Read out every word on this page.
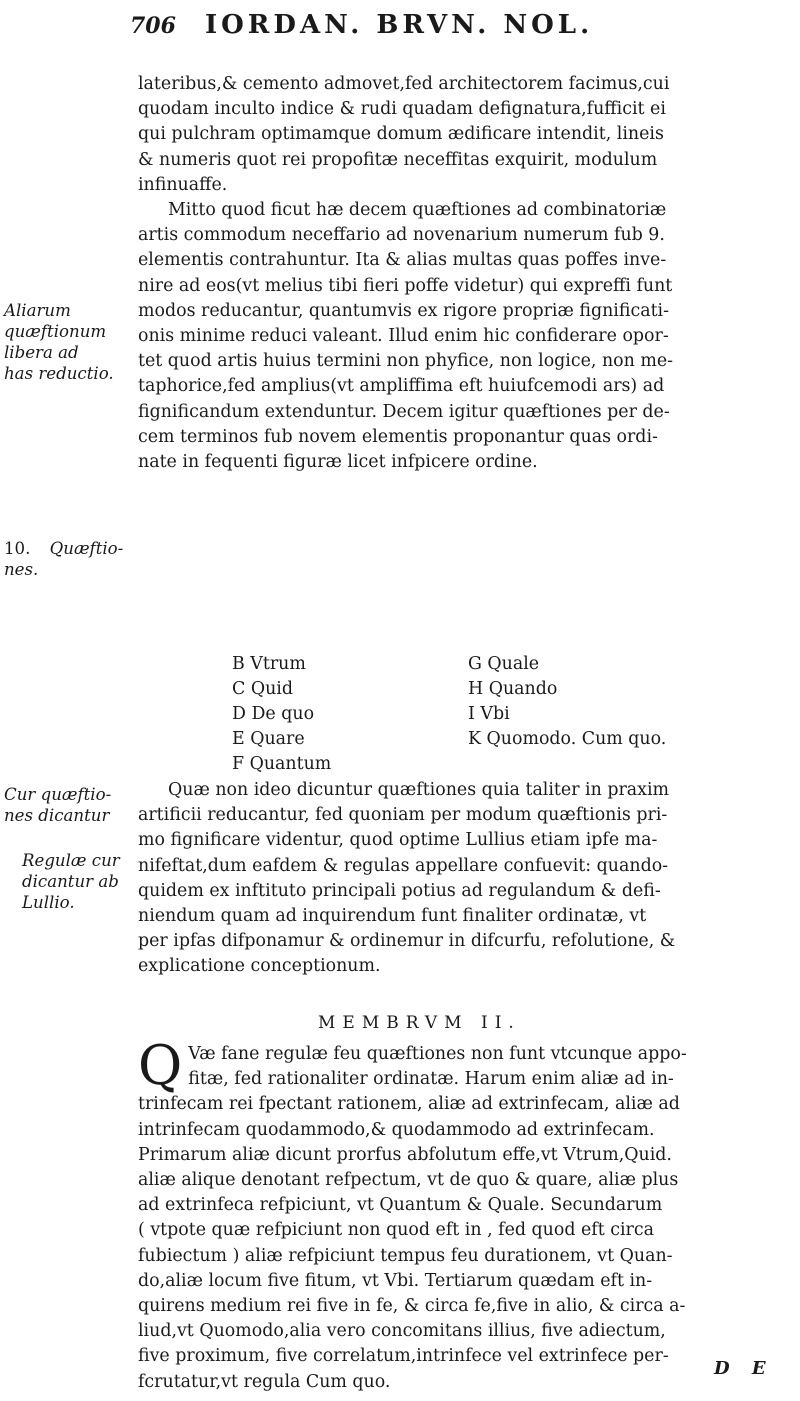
706 IORDAN. BRVN. NOL.
lateribus,& cemento admovet,fed architectorem facimus,cui
quodam inculto indice & rudi quadam defignatura,fufficit ei
qui pulchram optimamque domum ædificare intendit, lineis
& numeris quot rei propofitæ neceffitas exquirit, modulum
infinuaffe.
Mitto quod ficut hæ decem quæftiones ad combinatoriæ
artis commodum neceffario ad novenarium numerum fub 9.
elementis contrahuntur. Ita & alias multas quas poffes inve-
nire ad eos(vt melius tibi fieri poffe videtur) qui expreffi funt
modos reducantur, quantumvis ex rigore propriæ fignificati-
onis minime reduci valeant. Illud enim hic confiderare opor-
tet quod artis huius termini non phyfice, non logice, non me-
taphorice,fed amplius(vt ampliffima eft huiufcemodi ars) ad
fignificandum extenduntur. Decem igitur quæftiones per de-
cem terminos fub novem elementis proponantur quas ordi-
nate in fequenti figuræ licet infpicere ordine.
B Vtrum	G Quale
C Quid	H Quando
D De quo	I Vbi
E Quare	K Quomodo. Cum quo.
F Quantum
Quæ non ideo dicuntur quæftiones quia taliter in praxim
artificii reducantur, fed quoniam per modum quæftionis pri-
mo fignificare videntur, quod optime Lullius etiam ipfe ma-
nifeftat,dum eafdem & regulas appellare confuevit: quando-
quidem ex inftituto principali potius ad regulandum & defi-
niendum quam ad inquirendum funt finaliter ordinatæ, vt
per ipfas difponamur & ordinemur in difcurfu, refolutione, &
explicatione conceptionum.
MEMBRVM II.
Q Væ fane regulæ feu quæftiones non funt vtcunque appo-
fitæ, fed rationaliter ordinatæ. Harum enim aliæ ad in-
trinfecam rei fpectant rationem, aliæ ad extrinfecam, aliæ ad
intrinfecam quodammodo,& quodammodo ad extrinfecam.
Primarum aliæ dicunt prorfus abfolutum effe,vt Vtrum,Quid.
aliæ alique denotant refpectum, vt de quo & quare, aliæ plus
ad extrinfeca refpiciunt, vt Quantum & Quale. Secundarum
( vtpote quæ refpiciunt non quod eft in , fed quod eft circa
fubiectum ) aliæ refpiciunt tempus feu durationem, vt Quan-
do,aliæ locum five fitum, vt Vbi. Tertiarum quædam eft in-
quirens medium rei five in fe, & circa fe,five in alio, & circa a-
liud,vt Quomodo,alia vero concomitans illius, five adiectum,
five proximum, five correlatum,intrinfece vel extrinfece per-
fcrutatur,vt regula Cum quo.
D E
Aliarum
quæftionum
libera ad
has reductio.
10. Quæftio-
nes.
Cur quæftio-
nes dicantur
Regulæ cur
dicantur ab
Lullio.
